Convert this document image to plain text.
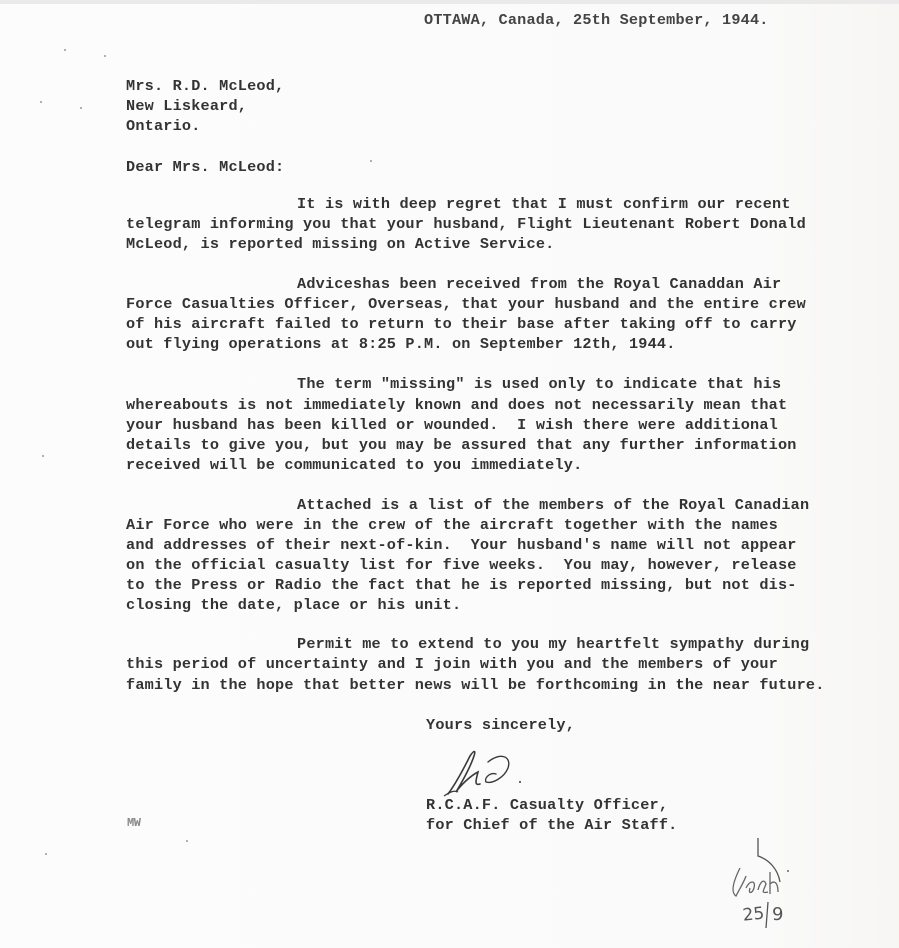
OTTAWA, Canada, 25th September, 1944.
Mrs. R.D. McLeod,
New Liskeard,
Ontario.
Dear Mrs. McLeod:
It is with deep regret that I must confirm our recent
telegram informing you that your husband, Flight Lieutenant Robert Donald
McLeod, is reported missing on Active Service.
Adviceshas been received from the Royal Canaddan Air
Force Casualties Officer, Overseas, that your husband and the entire crew
of his aircraft failed to return to their base after taking off to carry
out flying operations at 8:25 P.M. on September 12th, 1944.
The term "missing" is used only to indicate that his
whereabouts is not immediately known and does not necessarily mean that
your husband has been killed or wounded.  I wish there were additional
details to give you, but you may be assured that any further information
received will be communicated to you immediately.
Attached is a list of the members of the Royal Canadian
Air Force who were in the crew of the aircraft together with the names
and addresses of their next-of-kin.  Your husband's name will not appear
on the official casualty list for five weeks.  You may, however, release
to the Press or Radio the fact that he is reported missing, but not dis-
closing the date, place or his unit.
Permit me to extend to you my heartfelt sympathy during
this period of uncertainty and I join with you and the members of your
family in the hope that better news will be forthcoming in the near future.
Yours sincerely,
R.C.A.F. Casualty Officer,
for Chief of the Air Staff.
MW
25 9
